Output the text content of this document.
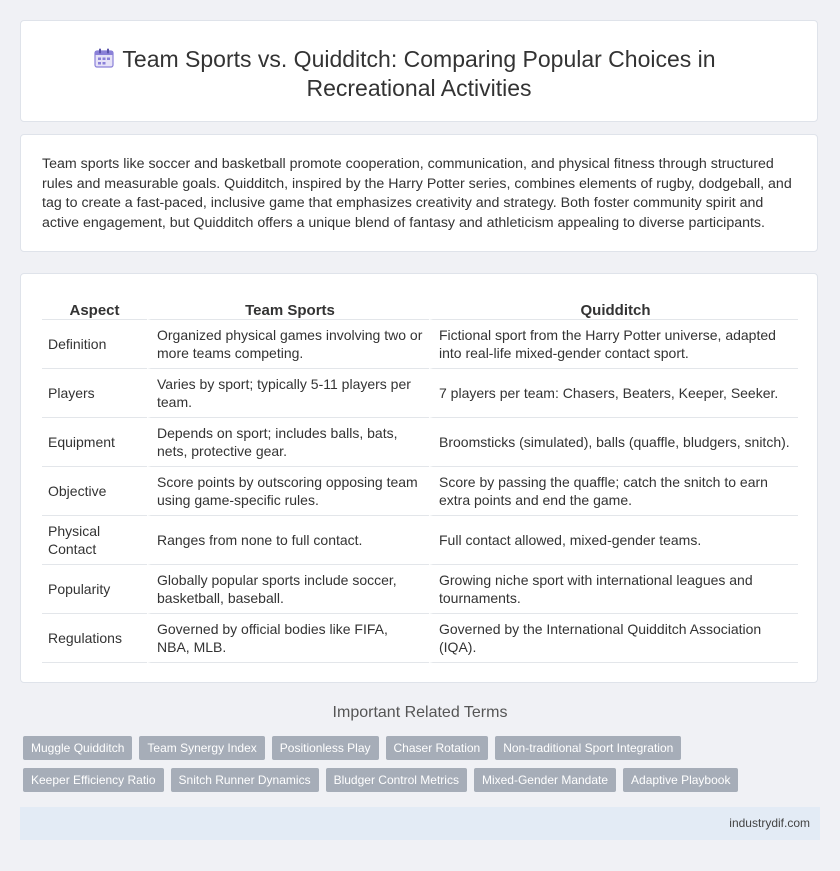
Team Sports vs. Quidditch: Comparing Popular Choices in Recreational Activities

Team sports like soccer and basketball promote cooperation, communication, and physical fitness through structured rules and measurable goals. Quidditch, inspired by the Harry Potter series, combines elements of rugby, dodgeball, and tag to create a fast-paced, inclusive game that emphasizes creativity and strategy. Both foster community spirit and active engagement, but Quidditch offers a unique blend of fantasy and athleticism appealing to diverse participants.

Aspect	Team Sports	Quidditch
Definition	Organized physical games involving two or more teams competing.	Fictional sport from the Harry Potter universe, adapted into real-life mixed-gender contact sport.
Players	Varies by sport; typically 5-11 players per team.	7 players per team: Chasers, Beaters, Keeper, Seeker.
Equipment	Depends on sport; includes balls, bats, nets, protective gear.	Broomsticks (simulated), balls (quaffle, bludgers, snitch).
Objective	Score points by outscoring opposing team using game-specific rules.	Score by passing the quaffle; catch the snitch to earn extra points and end the game.
Physical Contact	Ranges from none to full contact.	Full contact allowed, mixed-gender teams.
Popularity	Globally popular sports include soccer, basketball, baseball.	Growing niche sport with international leagues and tournaments.
Regulations	Governed by official bodies like FIFA, NBA, MLB.	Governed by the International Quidditch Association (IQA).
Important Related Terms
Muggle Quidditch	Team Synergy Index	Positionless Play	Chaser Rotation	Non-traditional Sport Integration
Keeper Efficiency Ratio	Snitch Runner Dynamics	Bludger Control Metrics	Mixed-Gender Mandate	Adaptive Playbook
industrydif.com
